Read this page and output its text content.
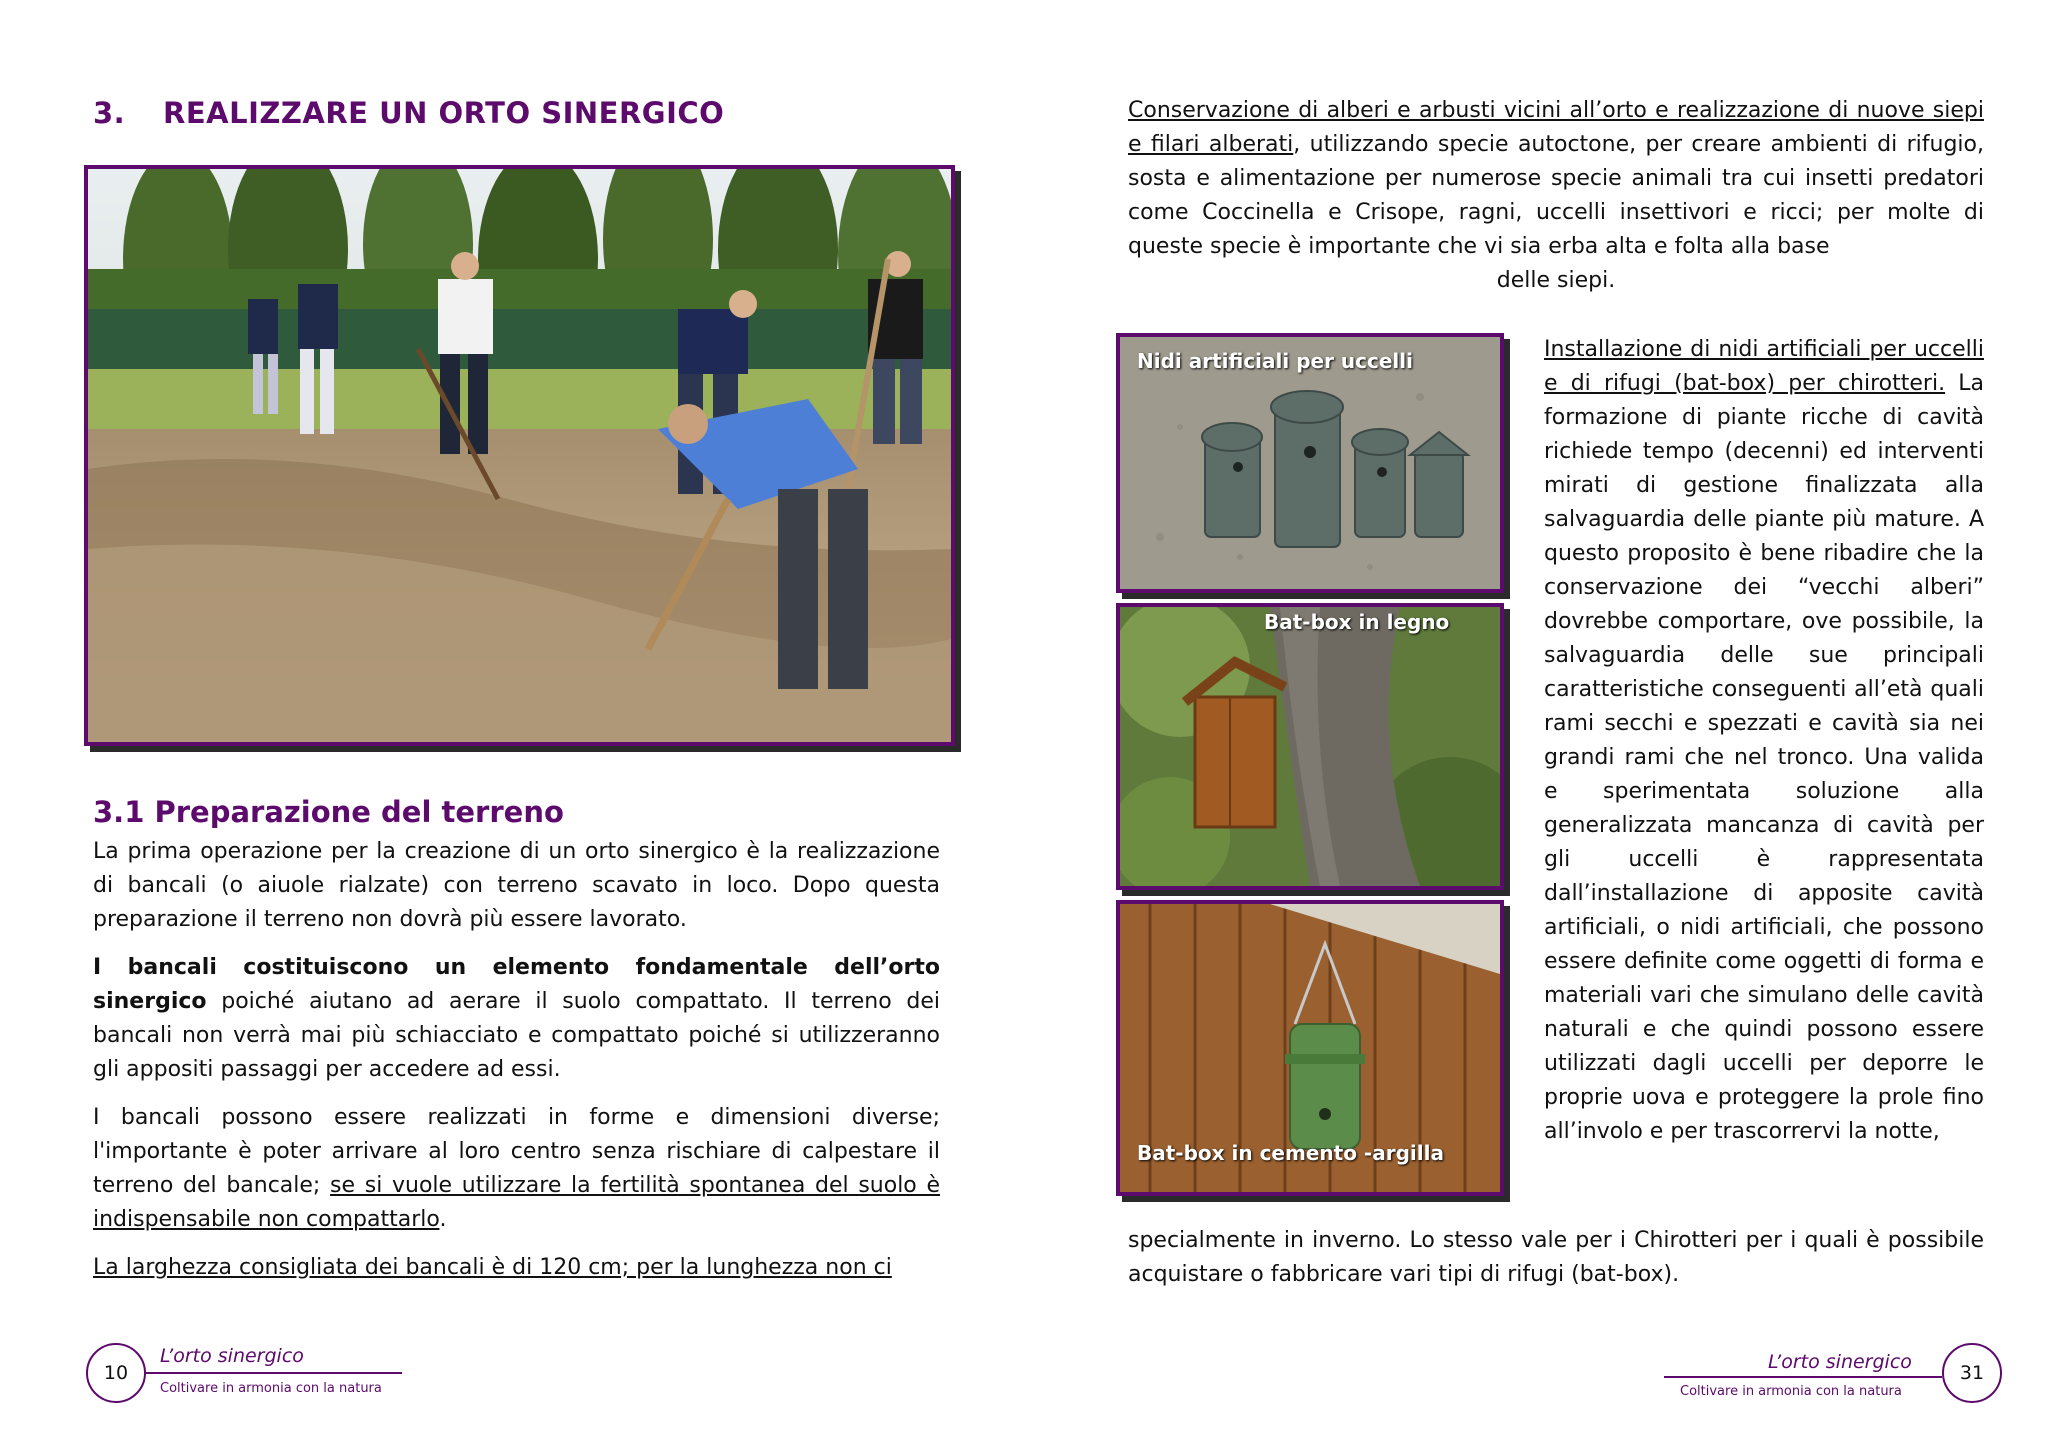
3. REALIZZARE UN ORTO SINERGICO
3.1 Preparazione del terreno

La prima operazione per la creazione di un orto sinergico è la realizzazione di bancali (o aiuole rialzate) con terreno scavato in loco. Dopo questa preparazione il terreno non dovrà più essere lavorato.

I bancali costituiscono un elemento fondamentale dell’orto sinergico poiché aiutano ad aerare il suolo compattato. Il terreno dei bancali non verrà mai più schiacciato e compattato poiché si utilizzeranno gli appositi passaggi per accedere ad essi.

I bancali possono essere realizzati in forme e dimensioni diverse; l'importante è poter arrivare al loro centro senza rischiare di calpestare il terreno del bancale; se si vuole utilizzare la fertilità spontanea del suolo è indispensabile non compattarlo.

La larghezza consigliata dei bancali è di 120 cm; per la lunghezza non ci

10
L’orto sinergico
Coltivare in armonia con la natura

Conservazione di alberi e arbusti vicini all’orto e realizzazione di nuove siepi e filari alberati, utilizzando specie autoctone, per creare ambienti di rifugio, sosta e alimentazione per numerose specie animali tra cui insetti predatori come Coccinella e Crisope, ragni, uccelli insettivori e ricci; per molte di queste specie è importante che vi sia erba alta e folta alla base

delle siepi.
Nidi artificiali per uccelli
Bat-box in legno
Bat-box in cemento -argilla

Installazione di nidi artificiali per uccelli e di rifugi (bat-box) per chirotteri. La formazione di piante ricche di cavità richiede tempo (decenni) ed interventi mirati di gestione finalizzata alla salvaguardia delle piante più mature. A questo proposito è bene ribadire che la conservazione dei “vecchi alberi” dovrebbe comportare, ove possibile, la salvaguardia delle sue principali caratteristiche conseguenti all’età quali rami secchi e spezzati e cavità sia nei grandi rami che nel tronco. Una valida e sperimentata soluzione alla generalizzata mancanza di cavità per gli uccelli è rappresentata dall’installazione di apposite cavità artificiali, o nidi artificiali, che possono essere definite come oggetti di forma e materiali vari che simulano delle cavità naturali e che quindi possono essere utilizzati dagli uccelli per deporre le proprie uova e proteggere la prole fino all’involo e per trascorrervi la notte,

specialmente in inverno. Lo stesso vale per i Chirotteri per i quali è possibile acquistare o fabbricare vari tipi di rifugi (bat-box).

L’orto sinergico
Coltivare in armonia con la natura
31
